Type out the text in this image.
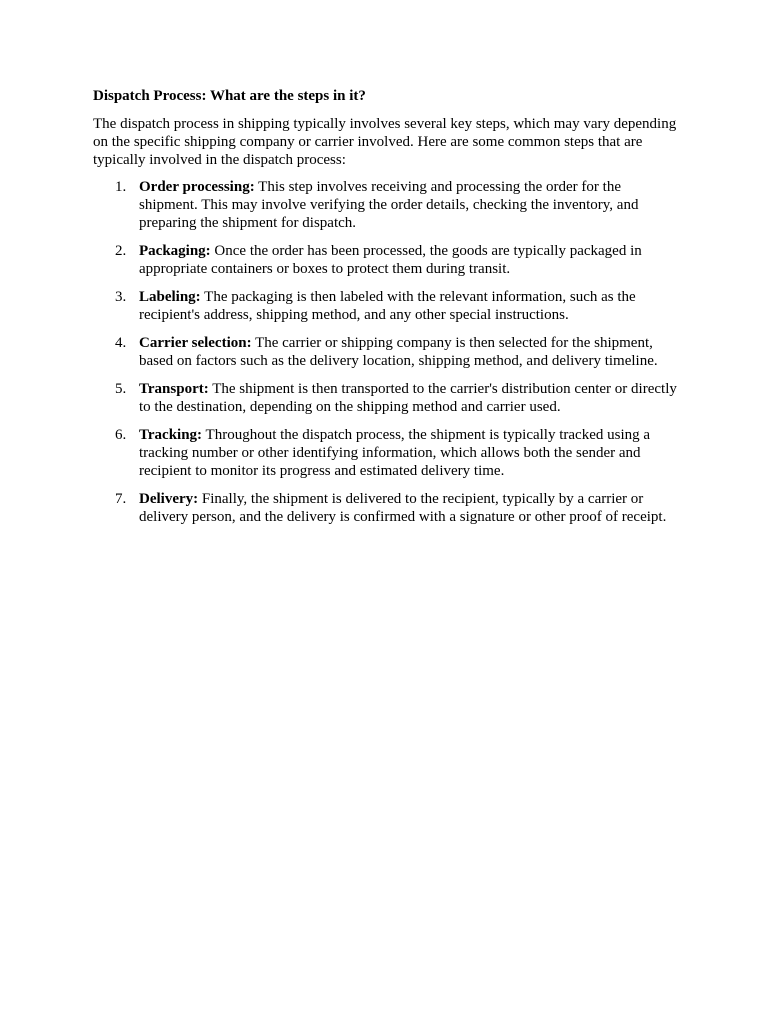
Dispatch Process: What are the steps in it?
The dispatch process in shipping typically involves several key steps, which may vary depending on the specific shipping company or carrier involved. Here are some common steps that are typically involved in the dispatch process:
1. Order processing: This step involves receiving and processing the order for the shipment. This may involve verifying the order details, checking the inventory, and preparing the shipment for dispatch.
2. Packaging: Once the order has been processed, the goods are typically packaged in appropriate containers or boxes to protect them during transit.
3. Labeling: The packaging is then labeled with the relevant information, such as the recipient's address, shipping method, and any other special instructions.
4. Carrier selection: The carrier or shipping company is then selected for the shipment, based on factors such as the delivery location, shipping method, and delivery timeline.
5. Transport: The shipment is then transported to the carrier's distribution center or directly to the destination, depending on the shipping method and carrier used.
6. Tracking: Throughout the dispatch process, the shipment is typically tracked using a tracking number or other identifying information, which allows both the sender and recipient to monitor its progress and estimated delivery time.
7. Delivery: Finally, the shipment is delivered to the recipient, typically by a carrier or delivery person, and the delivery is confirmed with a signature or other proof of receipt.
